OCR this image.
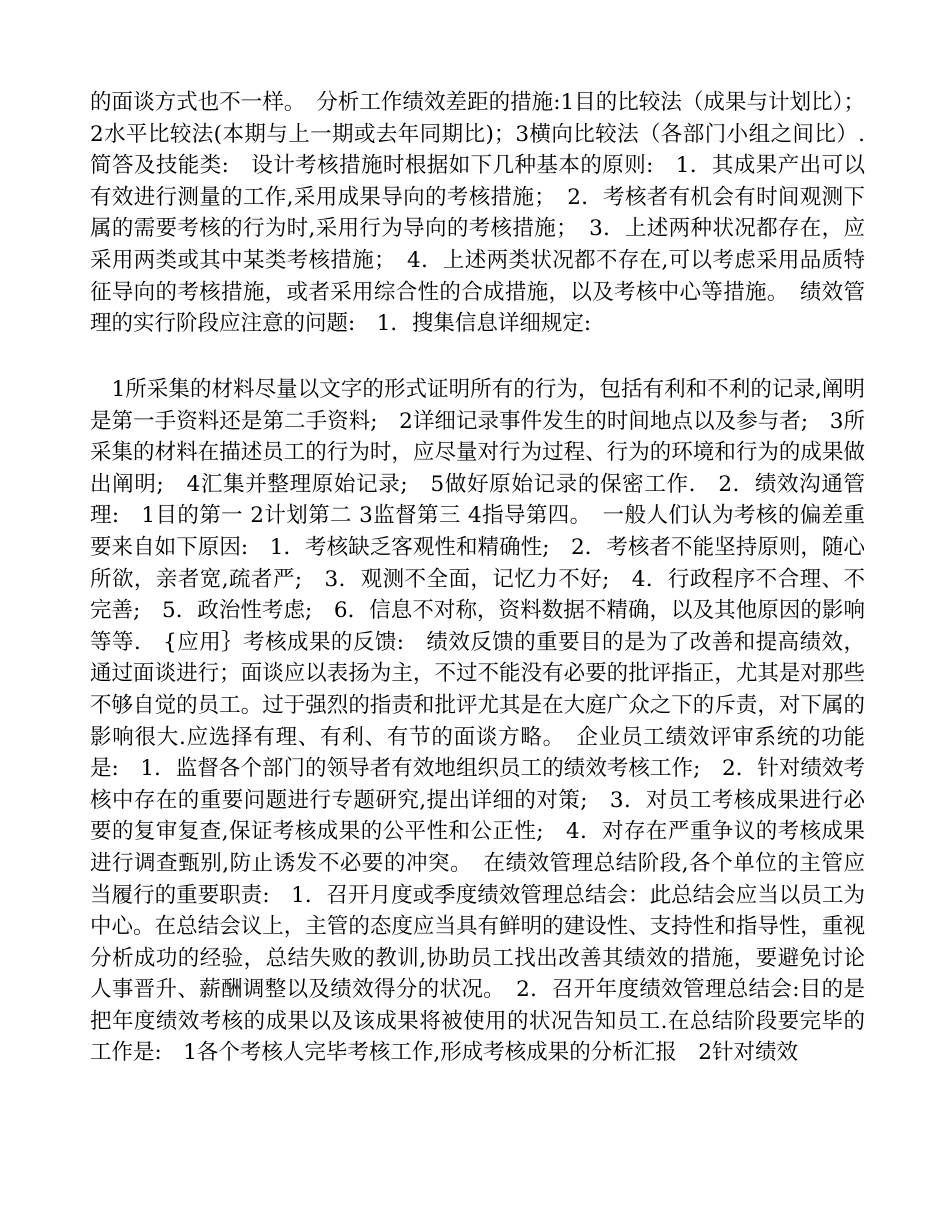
的面谈方式也不一样。　分析工作绩效差距的措施:1目的比较法（成果与计划比）；2水平比较法(本期与上一期或去年同期比)；3横向比较法（各部门小组之间比）.　简答及技能类:　设计考核措施时根据如下几种基本的原则:　1．其成果产出可以有效进行测量的工作,采用成果导向的考核措施；　2．考核者有机会有时间观测下属的需要考核的行为时,采用行为导向的考核措施；　3．上述两种状况都存在，应采用两类或其中某类考核措施；　4．上述两类状况都不存在,可以考虑采用品质特征导向的考核措施，或者采用综合性的合成措施，以及考核中心等措施。　绩效管理的实行阶段应注意的问题:　1．搜集信息详细规定:

　1所采集的材料尽量以文字的形式证明所有的行为，包括有利和不利的记录,阐明是第一手资料还是第二手资料;　2详细记录事件发生的时间地点以及参与者;　3所采集的材料在描述员工的行为时，应尽量对行为过程、行为的环境和行为的成果做出阐明;　4汇集并整理原始记录;　5做好原始记录的保密工作.　2．绩效沟通管理:　1目的第一 2计划第二 3监督第三 4指导第四。　一般人们认为考核的偏差重要来自如下原因:　1．考核缺乏客观性和精确性;　2．考核者不能坚持原则，随心所欲，亲者宽,疏者严;　3．观测不全面，记忆力不好;　4．行政程序不合理、不完善;　5．政治性考虑;　6．信息不对称，资料数据不精确，以及其他原因的影响等等.　{应用｝考核成果的反馈:　绩效反馈的重要目的是为了改善和提高绩效，通过面谈进行；面谈应以表扬为主，不过不能没有必要的批评指正，尤其是对那些不够自觉的员工。过于强烈的指责和批评尤其是在大庭广众之下的斥责，对下属的影响很大.应选择有理、有利、有节的面谈方略。　企业员工绩效评审系统的功能是:　1．监督各个部门的领导者有效地组织员工的绩效考核工作;　2．针对绩效考核中存在的重要问题进行专题研究,提出详细的对策;　3．对员工考核成果进行必要的复审复查,保证考核成果的公平性和公正性;　4．对存在严重争议的考核成果进行调查甄别,防止诱发不必要的冲突。　在绩效管理总结阶段,各个单位的主管应当履行的重要职责:　1．召开月度或季度绩效管理总结会：此总结会应当以员工为中心。在总结会议上，主管的态度应当具有鲜明的建设性、支持性和指导性，重视分析成功的经验，总结失败的教训,协助员工找出改善其绩效的措施，要避免讨论人事晋升、薪酬调整以及绩效得分的状况。　2．召开年度绩效管理总结会:目的是把年度绩效考核的成果以及该成果将被使用的状况告知员工.在总结阶段要完毕的工作是:　1各个考核人完毕考核工作,形成考核成果的分析汇报　2针对绩效
